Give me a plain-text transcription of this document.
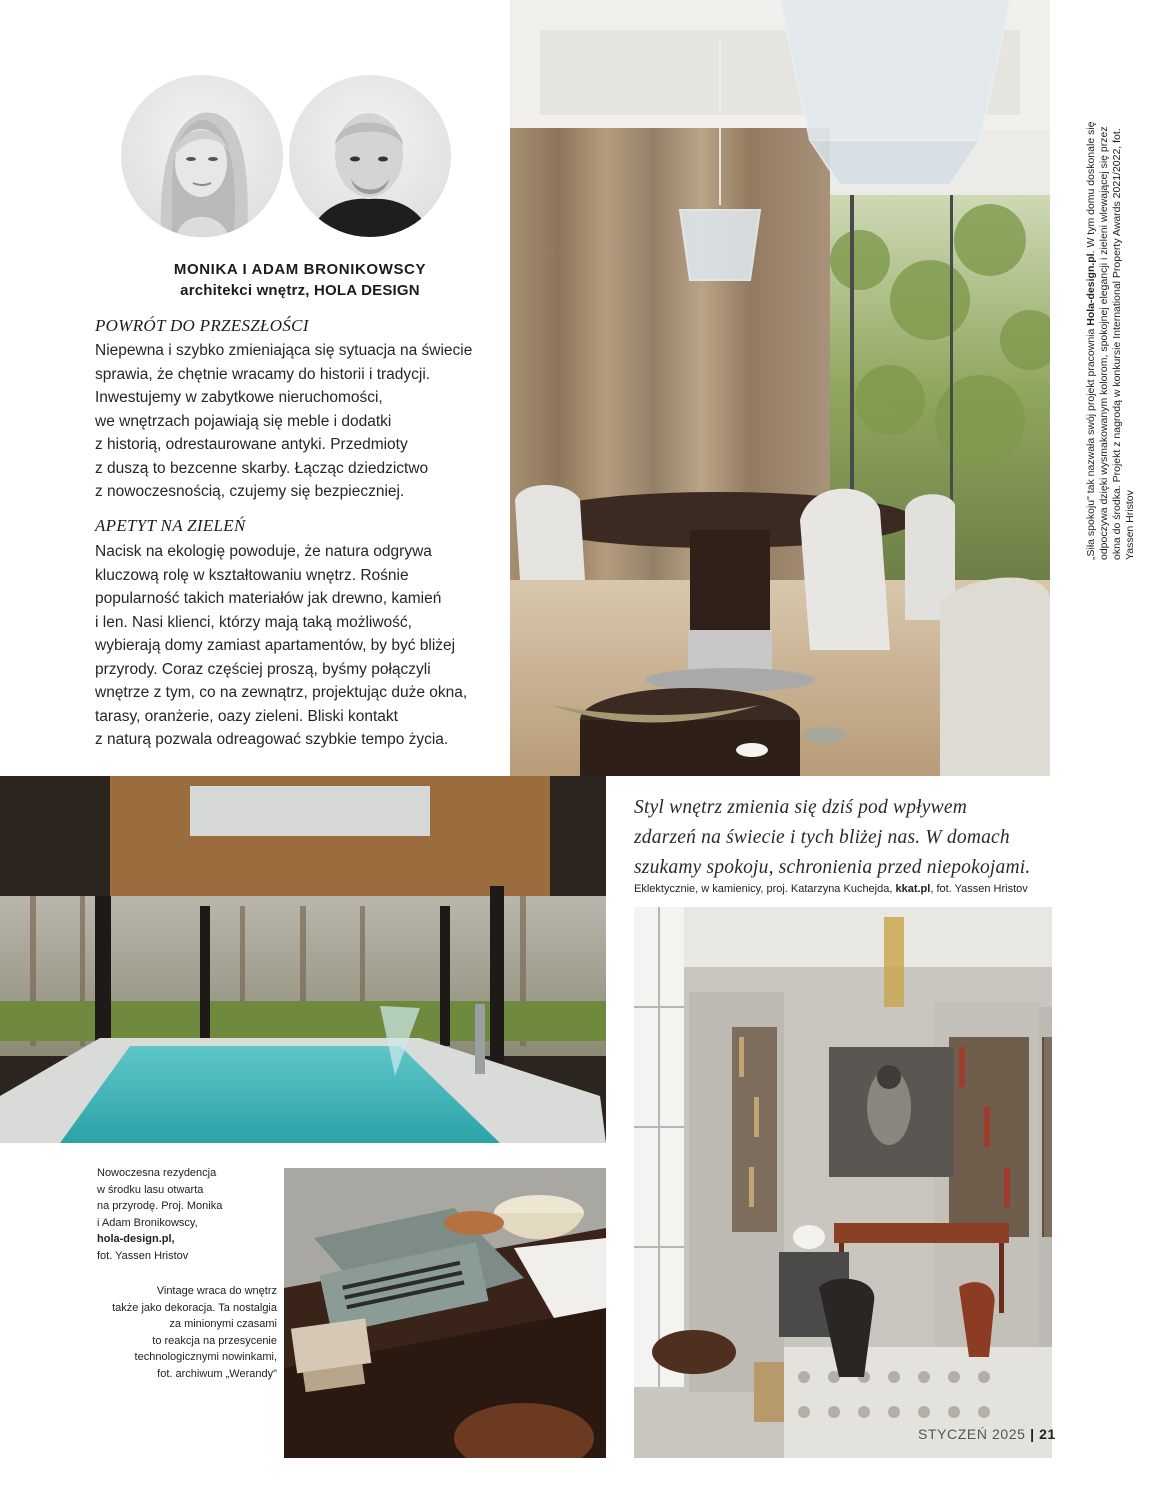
MONIKA I ADAM BRONIKOWSCY
architekci wnętrz, HOLA DESIGN
POWRÓT DO PRZESZŁOŚCI
Niepewna i szybko zmieniająca się sytuacja na świecie
sprawia, że chętnie wracamy do historii i tradycji.
Inwestujemy w zabytkowe nieruchomości,
we wnętrzach pojawiają się meble i dodatki
z historią, odrestaurowane antyki. Przedmioty
z duszą to bezcenne skarby. Łącząc dziedzictwo
z nowoczesnością, czujemy się bezpieczniej.
APETYT NA ZIELEŃ
Nacisk na ekologię powoduje, że natura odgrywa
kluczową rolę w kształtowaniu wnętrz. Rośnie
popularność takich materiałów jak drewno, kamień
i len. Nasi klienci, którzy mają taką możliwość,
wybierają domy zamiast apartamentów, by być bliżej
przyrody. Coraz częściej proszą, byśmy połączyli
wnętrze z tym, co na zewnątrz, projektując duże okna,
tarasy, oranżerie, oazy zieleni. Bliski kontakt
z naturą pozwala odreagować szybkie tempo życia.
„Siła spokoju" tak nazwała swój projekt pracownia Hola-design.pl. W tym domu doskonale się odpoczywa dzięki wysmakowanym kolorom, spokojnej elegancji i zieleni wlewającej się przez okna do środka. Projekt z nagrodą w konkursie International Property Awards 2021/2022, fot. Yassen Hristov
Styl wnętrz zmienia się dziś pod wpływem
zdarzeń na świecie i tych bliżej nas. W domach
szukamy spokoju, schronienia przed niepokojami.
Eklektycznie, w kamienicy, proj. Katarzyna Kuchejda, kkat.pl, fot. Yassen Hristov
Nowoczesna rezydencja
w środku lasu otwarta
na przyrodę. Proj. Monika
i Adam Bronikowscy,
hola-design.pl,
fot. Yassen Hristov
Vintage wraca do wnętrz
także jako dekoracja. Ta nostalgia
za minionymi czasami
to reakcja na przesycenie
technologicznymi nowinkami,
fot. archiwum „Werandy"
STYCZEŃ 2025 | 21
